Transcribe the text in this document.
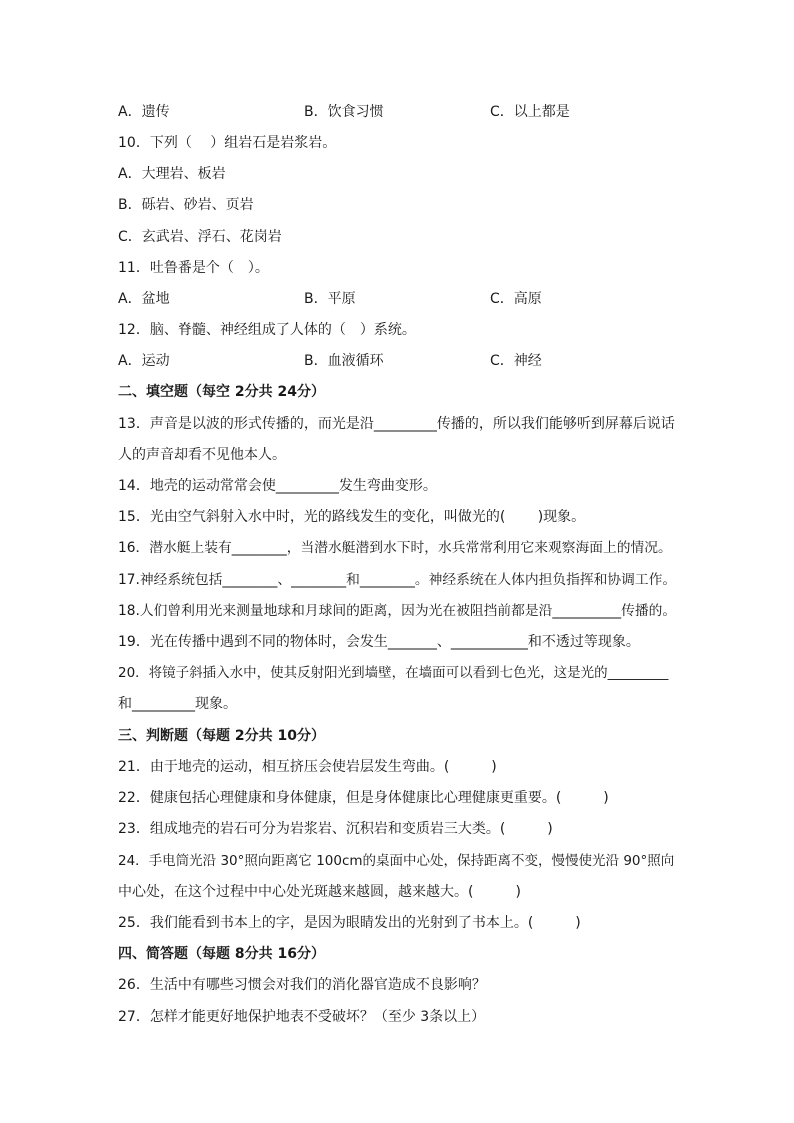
A．遗传	B．饮食习惯	C．以上都是
10．下列（　 ）组岩石是岩浆岩。
A．大理岩、板岩
B．砾岩、砂岩、页岩
C．玄武岩、浮石、花岗岩
11．吐鲁番是个（　）。
A．盆地	B．平原	C．高原
12．脑、脊髓、神经组成了人体的（　）系统。
A．运动	B．血液循环	C．神经
二、填空题（每空 2分共 24分）
13．声音是以波的形式传播的，而光是沿_________传播的，所以我们能够听到屏幕后说话
人的声音却看不见他本人。
14．地壳的运动常常会使_________发生弯曲变形。
15．光由空气斜射入水中时，光的路线发生的变化，叫做光的(　　 )现象。
16．潜水艇上装有________，当潜水艇潜到水下时，水兵常常利用它来观察海面上的情况。
17.神经系统包括________、________和________。神经系统在人体内担负指挥和协调工作。
18.人们曾利用光来测量地球和月球间的距离，因为光在被阻挡前都是沿__________传播的。
19．光在传播中遇到不同的物体时，会发生_______、___________和不透过等现象。
20．将镜子斜插入水中，使其反射阳光到墙壁，在墙面可以看到七色光，这是光的_________
和_________现象。
三、判断题（每题 2分共 10分）
21．由于地壳的运动，相互挤压会使岩层发生弯曲。(　　　)
22．健康包括心理健康和身体健康，但是身体健康比心理健康更重要。(　　　)
23．组成地壳的岩石可分为岩浆岩、沉积岩和变质岩三大类。(　　　)
24．手电筒光沿 30°照向距离它 100cm的桌面中心处，保持距离不变，慢慢使光沿 90°照向
中心处，在这个过程中中心处光斑越来越圆，越来越大。(　　　)
25．我们能看到书本上的字，是因为眼睛发出的光射到了书本上。(　　　)
四、简答题（每题 8分共 16分）
26．生活中有哪些习惯会对我们的消化器官造成不良影响？
27．怎样才能更好地保护地表不受破坏？（至少 3条以上）
